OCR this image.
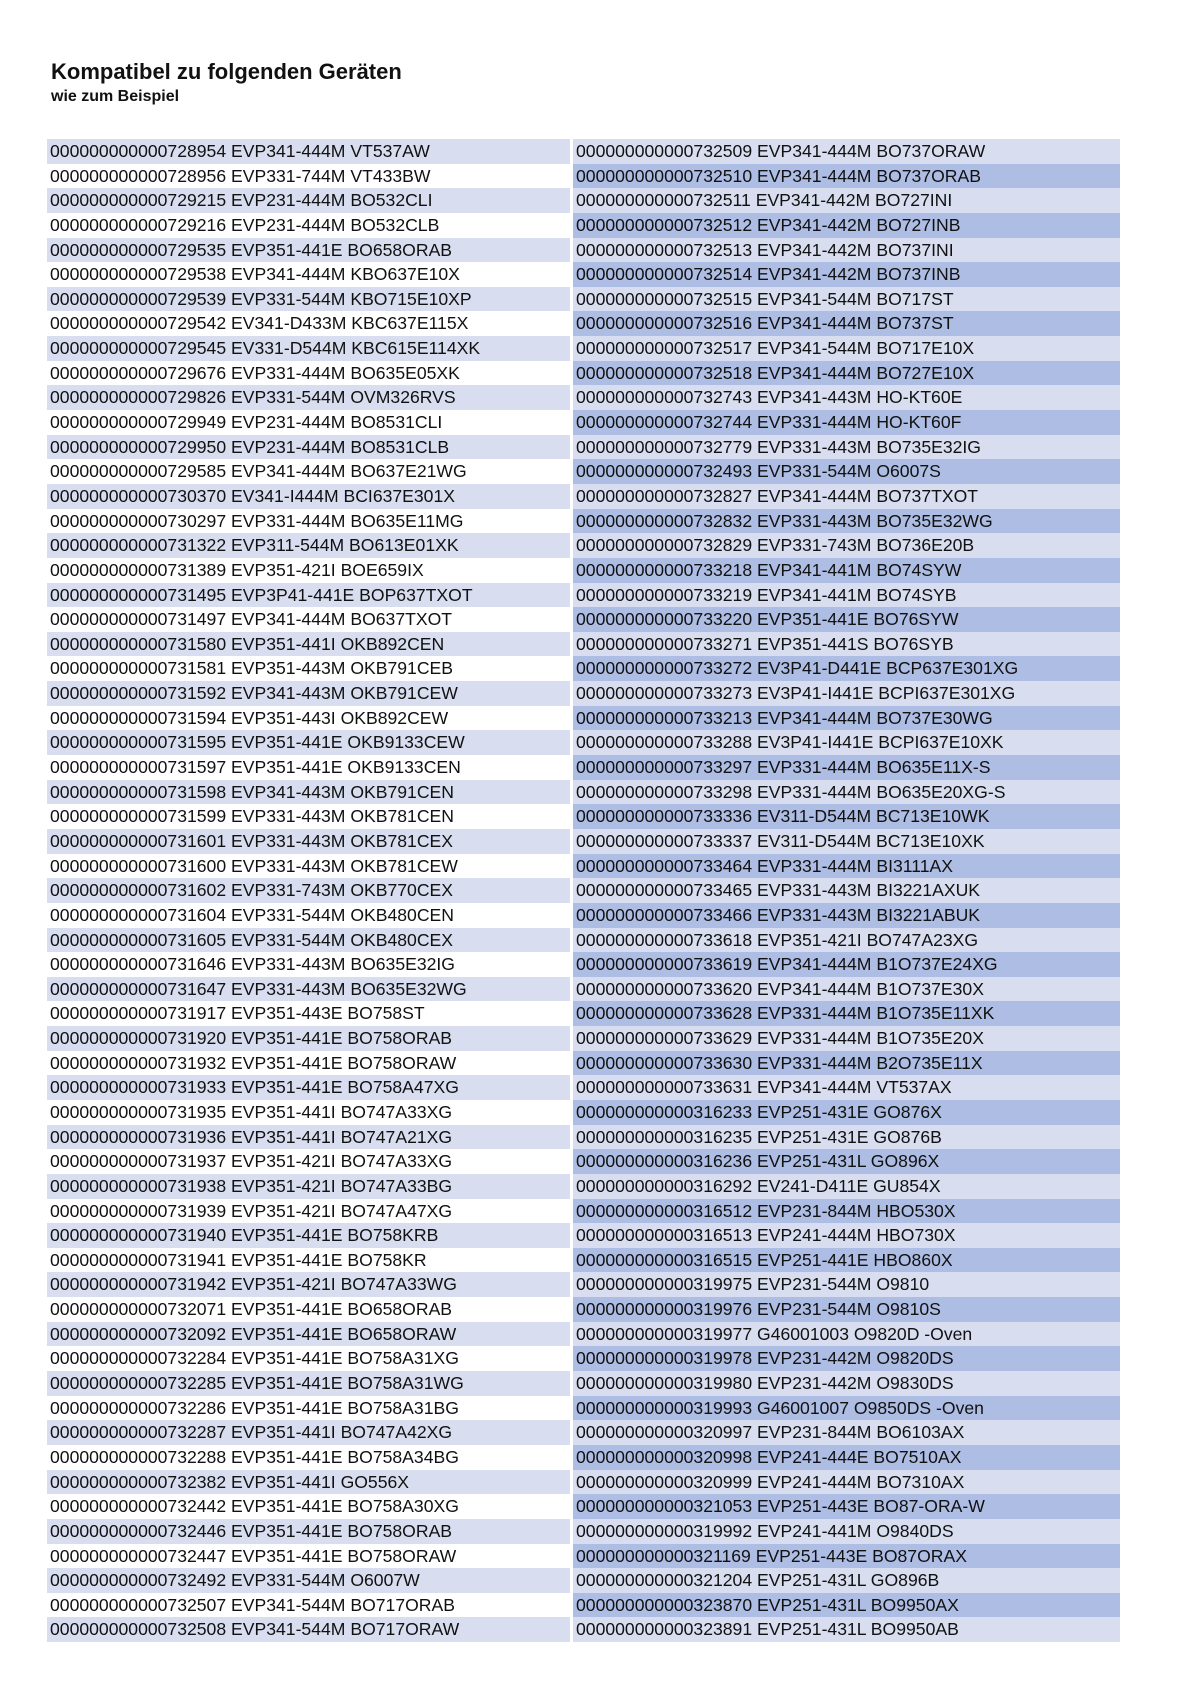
Kompatibel zu folgenden Geräten

wie zum Beispiel

000000000000728954 EVP341-444M VT537AW
000000000000728956 EVP331-744M VT433BW
000000000000729215 EVP231-444M BO532CLI
000000000000729216 EVP231-444M BO532CLB
000000000000729535 EVP351-441E BO658ORAB
000000000000729538 EVP341-444M KBO637E10X
000000000000729539 EVP331-544M KBO715E10XP
000000000000729542 EV341-D433M KBC637E115X
000000000000729545 EV331-D544M KBC615E114XK
000000000000729676 EVP331-444M BO635E05XK
000000000000729826 EVP331-544M OVM326RVS
000000000000729949 EVP231-444M BO8531CLI
000000000000729950 EVP231-444M BO8531CLB
000000000000729585 EVP341-444M BO637E21WG
000000000000730370 EV341-I444M BCI637E301X
000000000000730297 EVP331-444M BO635E11MG
000000000000731322 EVP311-544M BO613E01XK
000000000000731389 EVP351-421I BOE659IX
000000000000731495 EVP3P41-441E BOP637TXOT
000000000000731497 EVP341-444M BO637TXOT
000000000000731580 EVP351-441I OKB892CEN
000000000000731581 EVP351-443M OKB791CEB
000000000000731592 EVP341-443M OKB791CEW
000000000000731594 EVP351-443I OKB892CEW
000000000000731595 EVP351-441E OKB9133CEW
000000000000731597 EVP351-441E OKB9133CEN
000000000000731598 EVP341-443M OKB791CEN
000000000000731599 EVP331-443M OKB781CEN
000000000000731601 EVP331-443M OKB781CEX
000000000000731600 EVP331-443M OKB781CEW
000000000000731602 EVP331-743M OKB770CEX
000000000000731604 EVP331-544M OKB480CEN
000000000000731605 EVP331-544M OKB480CEX
000000000000731646 EVP331-443M BO635E32IG
000000000000731647 EVP331-443M BO635E32WG
000000000000731917 EVP351-443E BO758ST
000000000000731920 EVP351-441E BO758ORAB
000000000000731932 EVP351-441E BO758ORAW
000000000000731933 EVP351-441E BO758A47XG
000000000000731935 EVP351-441I BO747A33XG
000000000000731936 EVP351-441I BO747A21XG
000000000000731937 EVP351-421I BO747A33XG
000000000000731938 EVP351-421I BO747A33BG
000000000000731939 EVP351-421I BO747A47XG
000000000000731940 EVP351-441E BO758KRB
000000000000731941 EVP351-441E BO758KR
000000000000731942 EVP351-421I BO747A33WG
000000000000732071 EVP351-441E BO658ORAB
000000000000732092 EVP351-441E BO658ORAW
000000000000732284 EVP351-441E BO758A31XG
000000000000732285 EVP351-441E BO758A31WG
000000000000732286 EVP351-441E BO758A31BG
000000000000732287 EVP351-441I BO747A42XG
000000000000732288 EVP351-441E BO758A34BG
000000000000732382 EVP351-441I GO556X
000000000000732442 EVP351-441E BO758A30XG
000000000000732446 EVP351-441E BO758ORAB
000000000000732447 EVP351-441E BO758ORAW
000000000000732492 EVP331-544M O6007W
000000000000732507 EVP341-544M BO717ORAB
000000000000732508 EVP341-544M BO717ORAW
000000000000732509 EVP341-444M BO737ORAW
000000000000732510 EVP341-444M BO737ORAB
000000000000732511 EVP341-442M BO727INI
000000000000732512 EVP341-442M BO727INB
000000000000732513 EVP341-442M BO737INI
000000000000732514 EVP341-442M BO737INB
000000000000732515 EVP341-544M BO717ST
000000000000732516 EVP341-444M BO737ST
000000000000732517 EVP341-544M BO717E10X
000000000000732518 EVP341-444M BO727E10X
000000000000732743 EVP341-443M HO-KT60E
000000000000732744 EVP331-444M HO-KT60F
000000000000732779 EVP331-443M BO735E32IG
000000000000732493 EVP331-544M O6007S
000000000000732827 EVP341-444M BO737TXOT
000000000000732832 EVP331-443M BO735E32WG
000000000000732829 EVP331-743M BO736E20B
000000000000733218 EVP341-441M BO74SYW
000000000000733219 EVP341-441M BO74SYB
000000000000733220 EVP351-441E BO76SYW
000000000000733271 EVP351-441S BO76SYB
000000000000733272 EV3P41-D441E BCP637E301XG
000000000000733273 EV3P41-I441E BCPI637E301XG
000000000000733213 EVP341-444M BO737E30WG
000000000000733288 EV3P41-I441E BCPI637E10XK
000000000000733297 EVP331-444M BO635E11X-S
000000000000733298 EVP331-444M BO635E20XG-S
000000000000733336 EV311-D544M BC713E10WK
000000000000733337 EV311-D544M BC713E10XK
000000000000733464 EVP331-444M BI3111AX
000000000000733465 EVP331-443M BI3221AXUK
000000000000733466 EVP331-443M BI3221ABUK
000000000000733618 EVP351-421I BO747A23XG
000000000000733619 EVP341-444M B1O737E24XG
000000000000733620 EVP341-444M B1O737E30X
000000000000733628 EVP331-444M B1O735E11XK
000000000000733629 EVP331-444M B1O735E20X
000000000000733630 EVP331-444M B2O735E11X
000000000000733631 EVP341-444M VT537AX
000000000000316233 EVP251-431E GO876X
000000000000316235 EVP251-431E GO876B
000000000000316236 EVP251-431L GO896X
000000000000316292 EV241-D411E GU854X
000000000000316512 EVP231-844M HBO530X
000000000000316513 EVP241-444M HBO730X
000000000000316515 EVP251-441E HBO860X
000000000000319975 EVP231-544M O9810
000000000000319976 EVP231-544M O9810S
000000000000319977 G46001003 O9820D -Oven
000000000000319978 EVP231-442M O9820DS
000000000000319980 EVP231-442M O9830DS
000000000000319993 G46001007 O9850DS -Oven
000000000000320997 EVP231-844M BO6103AX
000000000000320998 EVP241-444E BO7510AX
000000000000320999 EVP241-444M BO7310AX
000000000000321053 EVP251-443E BO87-ORA-W
000000000000319992 EVP241-441M O9840DS
000000000000321169 EVP251-443E BO87ORAX
000000000000321204 EVP251-431L GO896B
000000000000323870 EVP251-431L BO9950AX
000000000000323891 EVP251-431L BO9950AB
